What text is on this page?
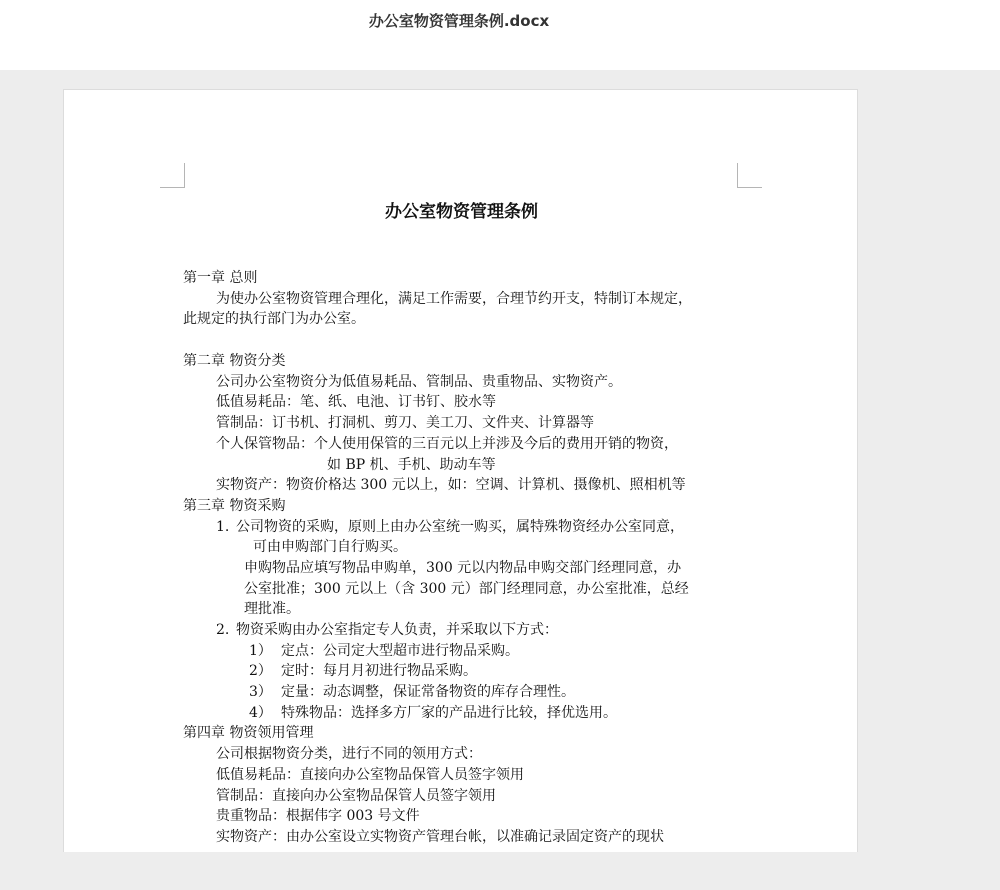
办公室物资管理条例.docx
办公室物资管理条例
第一章 总则
为使办公室物资管理合理化，满足工作需要，合理节约开支，特制订本规定，
此规定的执行部门为办公室。
第二章 物资分类
公司办公室物资分为低值易耗品、管制品、贵重物品、实物资产。
低值易耗品：笔、纸、电池、订书钉、胶水等
管制品：订书机、打洞机、剪刀、美工刀、文件夹、计算器等
个人保管物品：个人使用保管的三百元以上并涉及今后的费用开销的物资，
如 BP 机、手机、助动车等
实物资产：物资价格达 300 元以上，如：空调、计算机、摄像机、照相机等
第三章 物资采购
1. 公司物资的采购，原则上由办公室统一购买，属特殊物资经办公室同意，
可由申购部门自行购买。
申购物品应填写物品申购单，300 元以内物品申购交部门经理同意，办
公室批准；300 元以上（含 300 元）部门经理同意，办公室批准，总经
理批准。
2. 物资采购由办公室指定专人负责，并采取以下方式：
1） 定点：公司定大型超市进行物品采购。
2） 定时：每月月初进行物品采购。
3） 定量：动态调整，保证常备物资的库存合理性。
4） 特殊物品：选择多方厂家的产品进行比较，择优选用。
第四章 物资领用管理
公司根据物资分类，进行不同的领用方式：
低值易耗品：直接向办公室物品保管人员签字领用
管制品：直接向办公室物品保管人员签字领用
贵重物品：根据伟字 003 号文件
实物资产：由办公室设立实物资产管理台帐，以准确记录固定资产的现状
